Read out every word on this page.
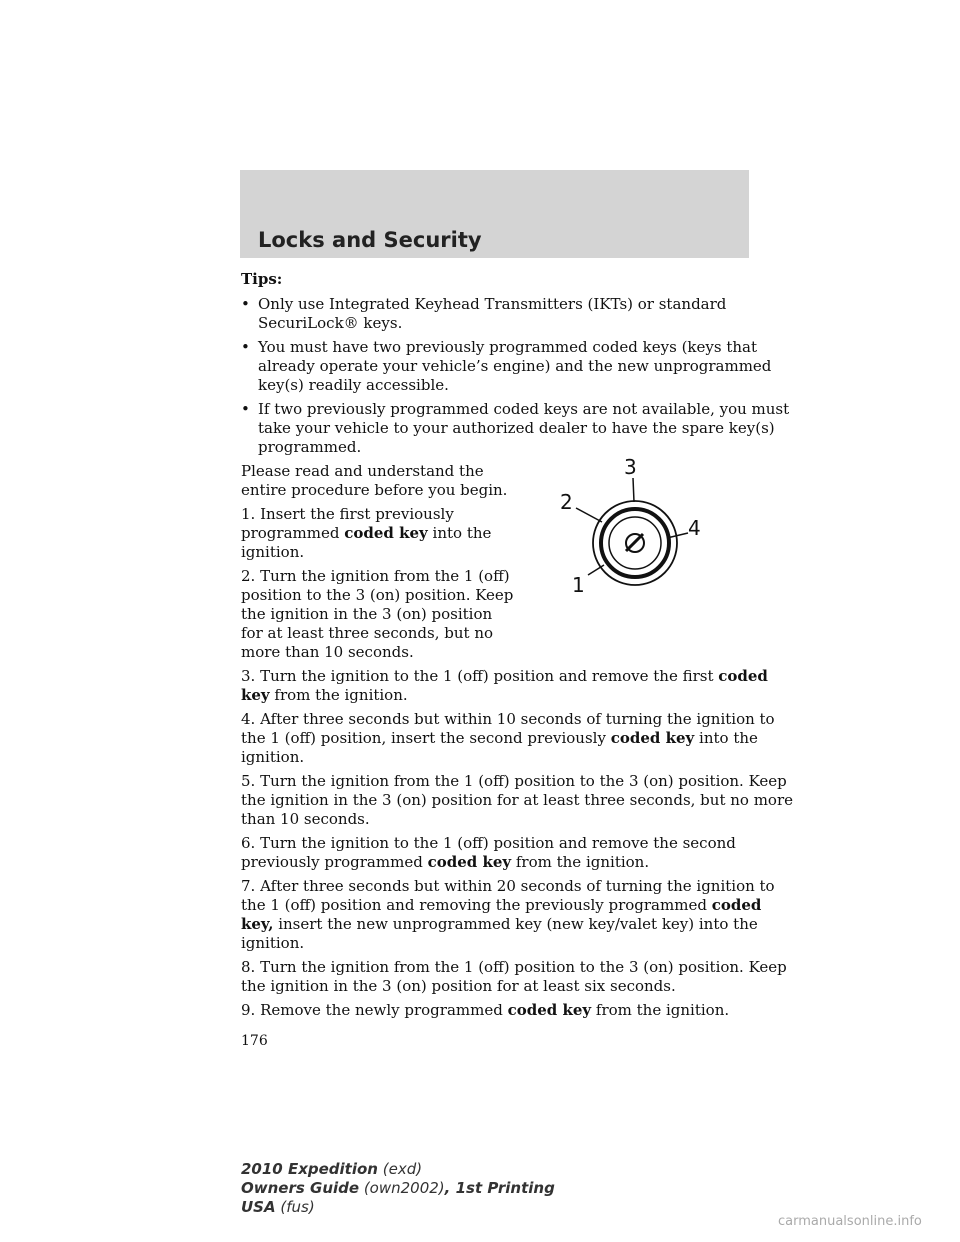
Locks and Security
Tips:
• Only use Integrated Keyhead Transmitters (IKTs) or standard
SecuriLock® keys.
• You must have two previously programmed coded keys (keys that
already operate your vehicle’s engine) and the new unprogrammed
key(s) readily accessible.
• If two previously programmed coded keys are not available, you must
take your vehicle to your authorized dealer to have the spare key(s)
programmed.
Please read and understand the
entire procedure before you begin.
1. Insert the first previously
programmed coded key into the
ignition.
2. Turn the ignition from the 1 (off)
position to the 3 (on) position. Keep
the ignition in the 3 (on) position
for at least three seconds, but no
more than 10 seconds.
3. Turn the ignition to the 1 (off) position and remove the first coded
key from the ignition.
4. After three seconds but within 10 seconds of turning the ignition to
the 1 (off) position, insert the second previously coded key into the
ignition.
5. Turn the ignition from the 1 (off) position to the 3 (on) position. Keep
the ignition in the 3 (on) position for at least three seconds, but no more
than 10 seconds.
6. Turn the ignition to the 1 (off) position and remove the second
previously programmed coded key from the ignition.
7. After three seconds but within 20 seconds of turning the ignition to
the 1 (off) position and removing the previously programmed coded
key, insert the new unprogrammed key (new key/valet key) into the
ignition.
8. Turn the ignition from the 1 (off) position to the 3 (on) position. Keep
the ignition in the 3 (on) position for at least six seconds.
9. Remove the newly programmed coded key from the ignition.
3
2
4
1
176
2010 Expedition (exd)
Owners Guide (own2002), 1st Printing
USA (fus)
carmanualsonline.info
